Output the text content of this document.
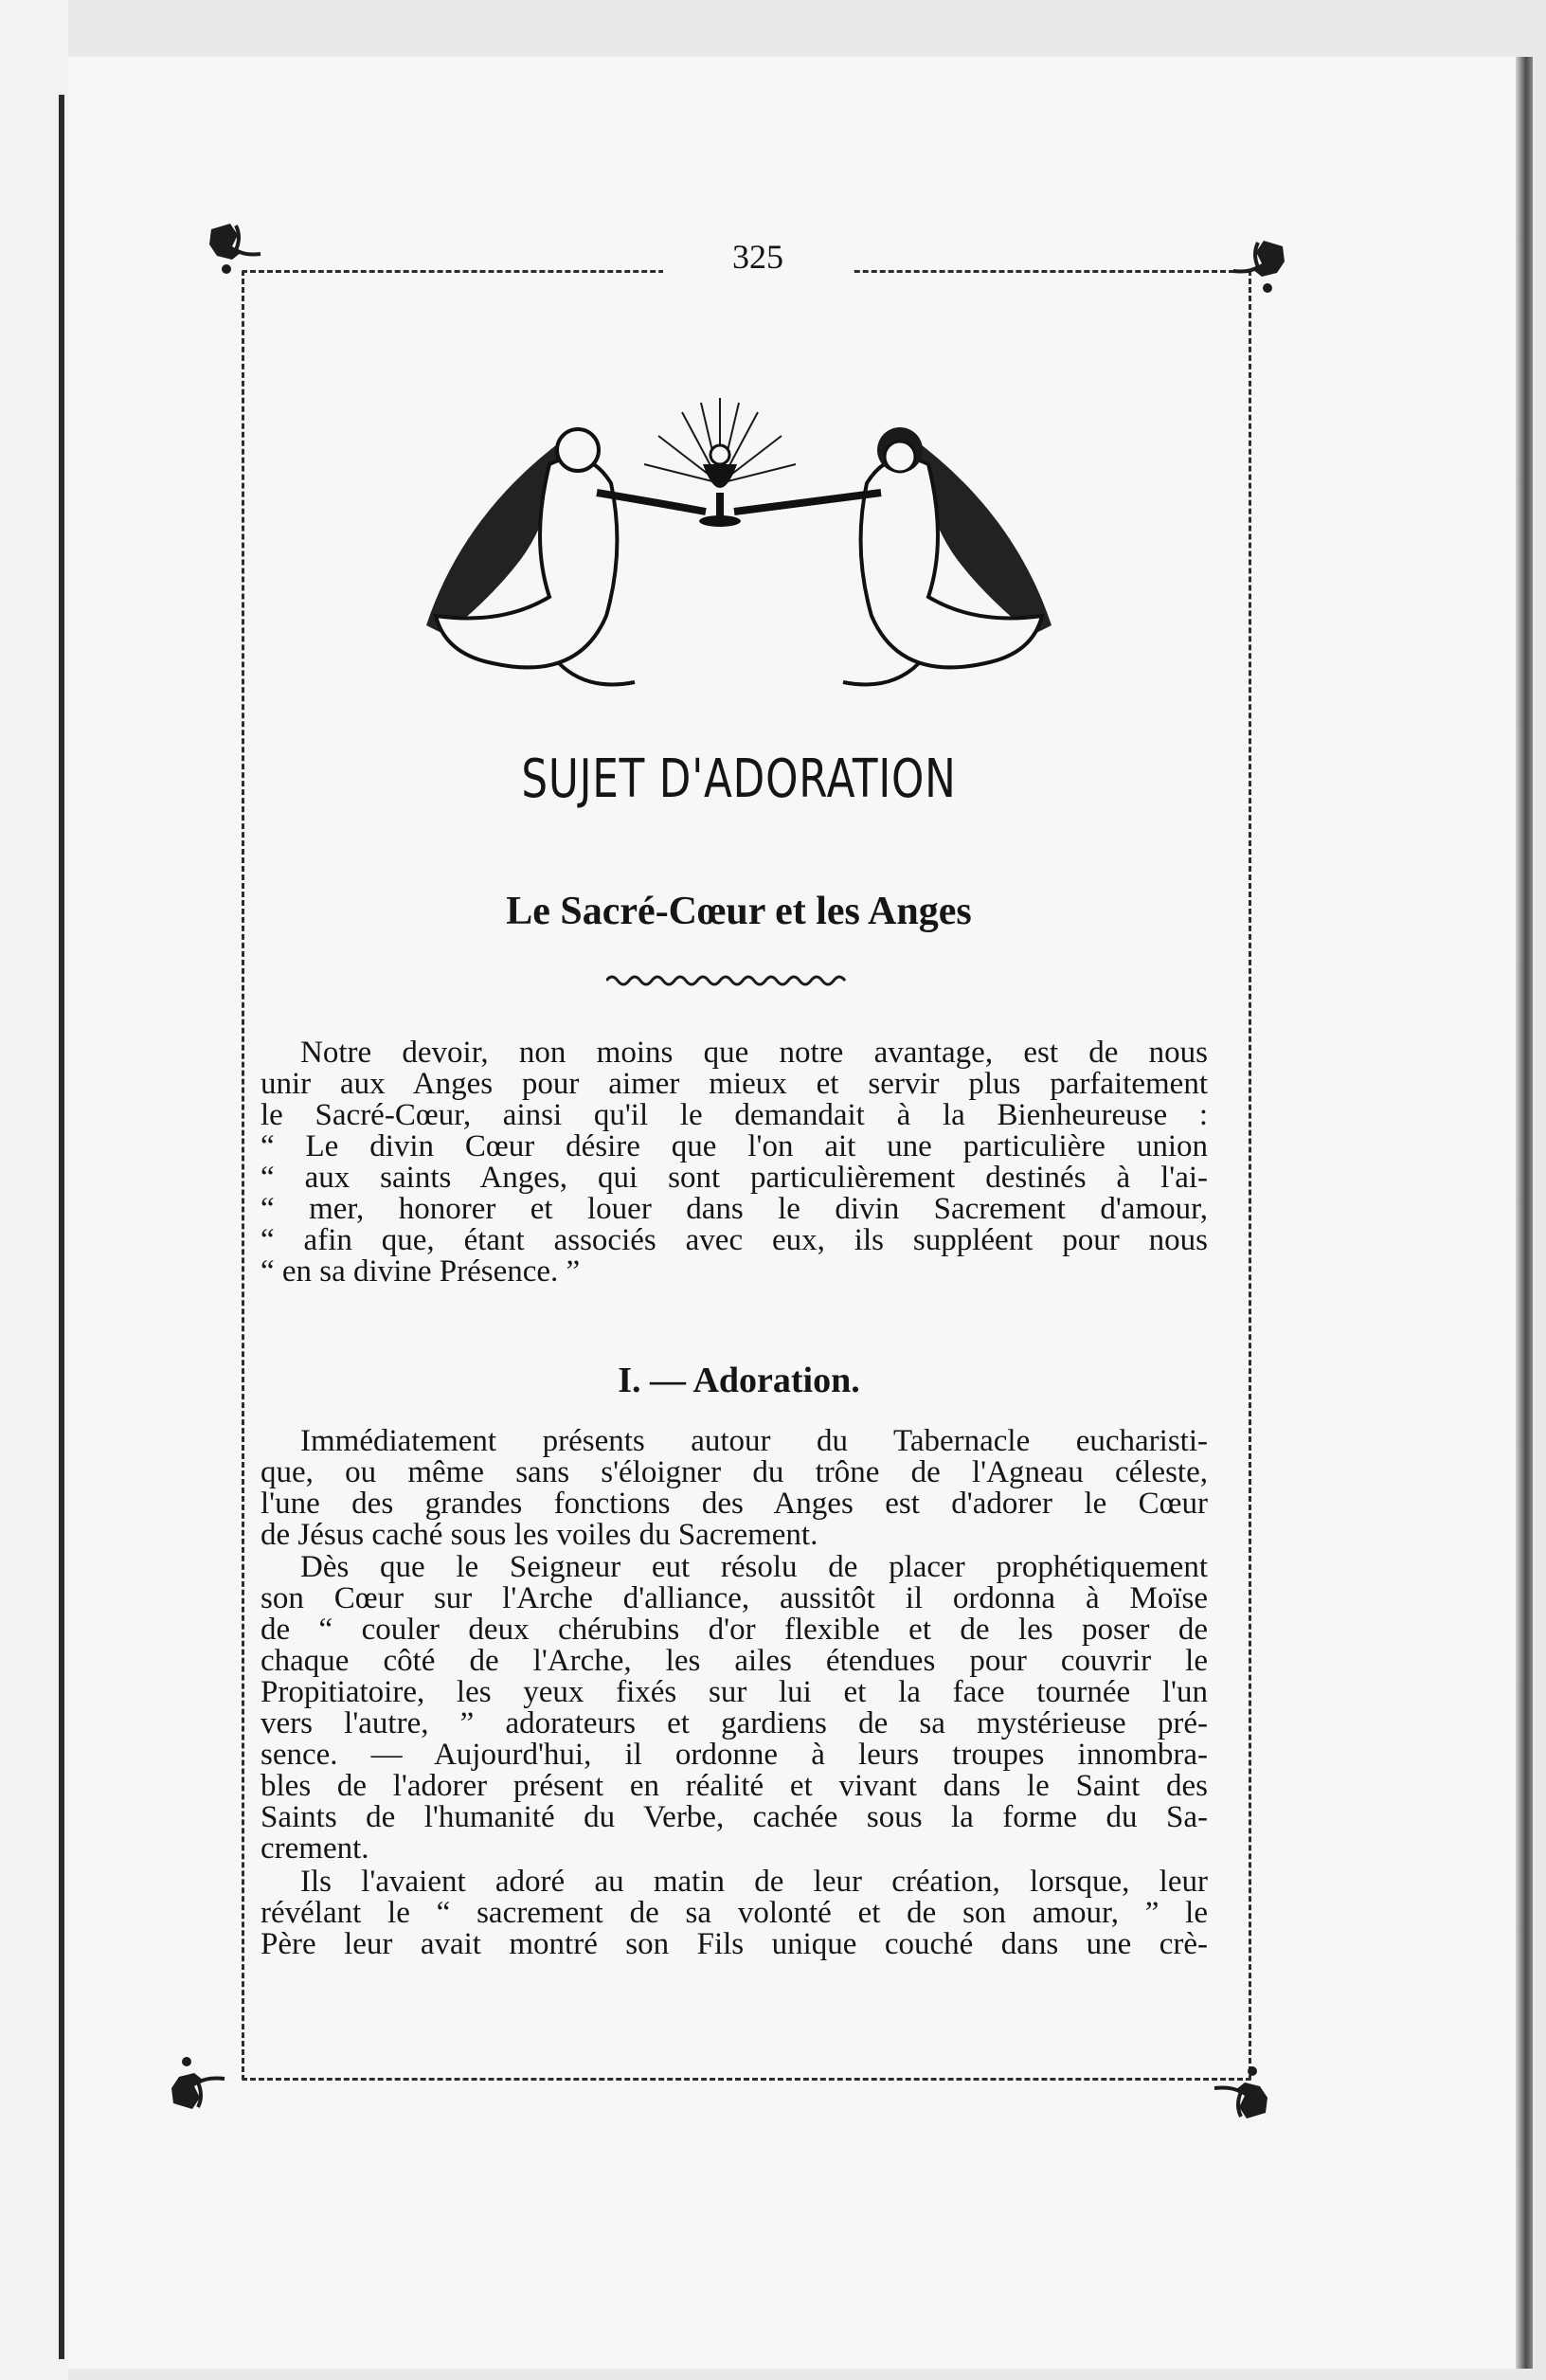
325
SUJET D'ADORATION
Le Sacré-Cœur et les Anges
Notre devoir, non moins que notre avantage, est de nous
unir aux Anges pour aimer mieux et servir plus parfaitement
le Sacré-Cœur, ainsi qu'il le demandait à la Bienheureuse :
“ Le divin Cœur désire que l'on ait une particulière union
“ aux saints Anges, qui sont particulièrement destinés à l'ai-
“ mer, honorer et louer dans le divin Sacrement d'amour,
“ afin que, étant associés avec eux, ils suppléent pour nous
“ en sa divine Présence. ”
I. — Adoration.
Immédiatement présents autour du Tabernacle eucharisti-
que, ou même sans s'éloigner du trône de l'Agneau céleste,
l'une des grandes fonctions des Anges est d'adorer le Cœur
de Jésus caché sous les voiles du Sacrement.
Dès que le Seigneur eut résolu de placer prophétiquement
son Cœur sur l'Arche d'alliance, aussitôt il ordonna à Moïse
de “ couler deux chérubins d'or flexible et de les poser de
chaque côté de l'Arche, les ailes étendues pour couvrir le
Propitiatoire, les yeux fixés sur lui et la face tournée l'un
vers l'autre, ” adorateurs et gardiens de sa mystérieuse pré-
sence. — Aujourd'hui, il ordonne à leurs troupes innombra-
bles de l'adorer présent en réalité et vivant dans le Saint des
Saints de l'humanité du Verbe, cachée sous la forme du Sa-
crement.
Ils l'avaient adoré au matin de leur création, lorsque, leur
révélant le “ sacrement de sa volonté et de son amour, ” le
Père leur avait montré son Fils unique couché dans une crè-
